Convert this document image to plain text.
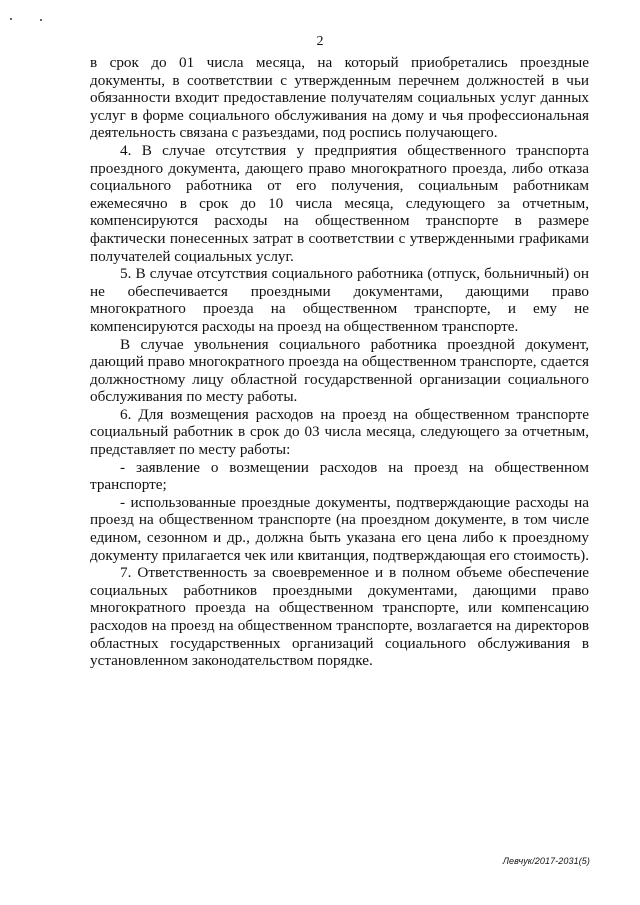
2

в срок до 01 числа месяца, на который приобретались проездные документы, в соответствии с утвержденным перечнем должностей в чьи обязанности входит предоставление получателям социальных услуг данных услуг в форме социального обслуживания на дому и чья профессиональная деятельность связана с разъездами, под роспись получающего.

4. В случае отсутствия у предприятия общественного транспорта проездного документа, дающего право многократного проезда, либо отказа социального работника от его получения, социальным работникам ежемесячно в срок до 10 числа месяца, следующего за отчетным, компенсируются расходы на общественном транспорте в размере фактически понесенных затрат в соответствии с утвержденными графиками получателей социальных услуг.

5. В случае отсутствия социального работника (отпуск, больничный) он не обеспечивается проездными документами, дающими право многократного проезда на общественном транспорте, и ему не компенсируются расходы на проезд на общественном транспорте.

В случае увольнения социального работника проездной документ, дающий право многократного проезда на общественном транспорте, сдается должностному лицу областной государственной организации социального обслуживания по месту работы.

6. Для возмещения расходов на проезд на общественном транспорте социальный работник в срок до 03 числа месяца, следующего за отчетным, представляет по месту работы:

- заявление о возмещении расходов на проезд на общественном транспорте;

- использованные проездные документы, подтверждающие расходы на проезд на общественном транспорте (на проездном документе, в том числе едином, сезонном и др., должна быть указана его цена либо к проездному документу прилагается чек или квитанция, подтверждающая его стоимость).

7. Ответственность за своевременное и в полном объеме обеспечение социальных работников проездными документами, дающими право многократного проезда на общественном транспорте, или компенсацию расходов на проезд на общественном транспорте, возлагается на директоров областных государственных организаций социального обслуживания в установленном законодательством порядке.

Левчук/2017-2031(5)
